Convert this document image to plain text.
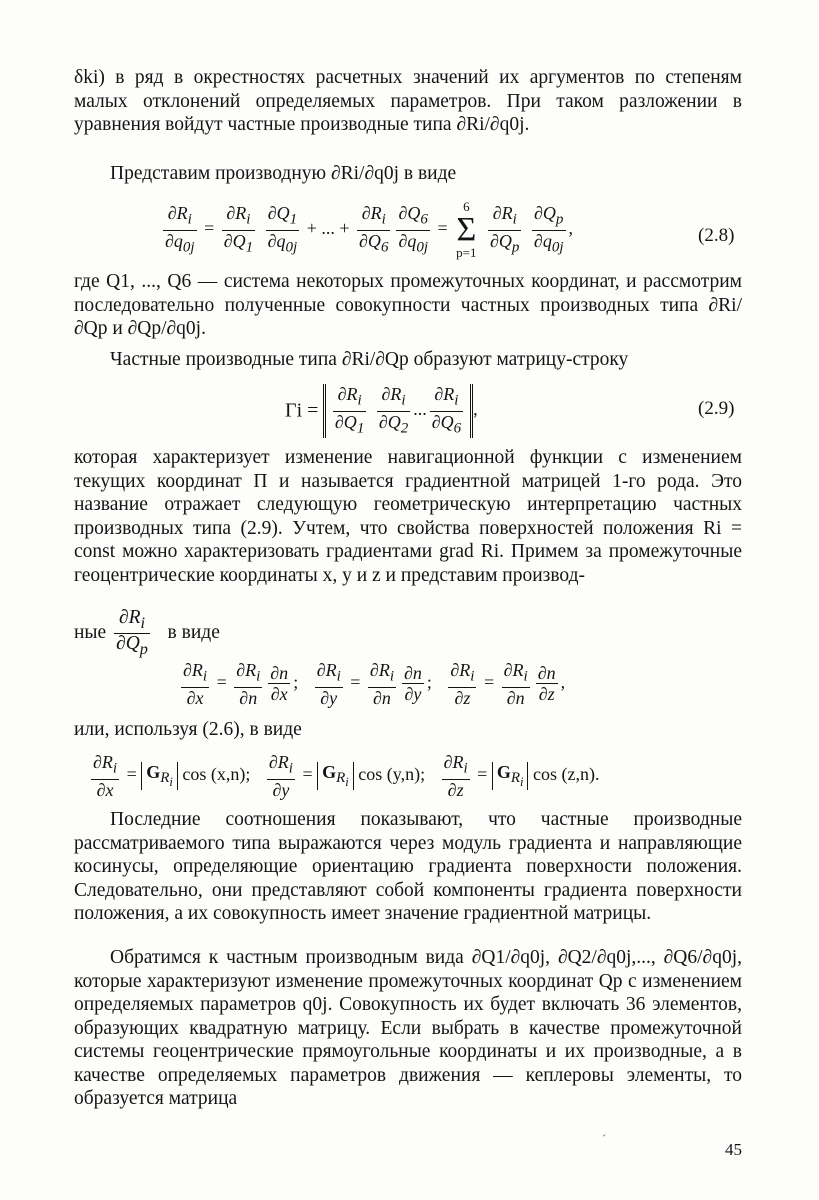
δki) в ряд в окрестностях расчетных значений их аргументов по степеням малых отклонений определяемых параметров. При таком разложении в уравнения войдут частные производные типа ∂Ri/∂q0j.

Представим производную ∂Ri/∂q0j в виде

$\frac{\partial R_i}{\partial q_{0j}} = \frac{\partial R_i}{\partial Q_1}$
$\frac{\partial Q_1}{\partial q_{0j}}$ + ... + $\frac{\partial R_i}{\partial Q_6} \frac{\partial Q_6}{\partial q_{0j}} = 6$
Σ
$p=1 \frac{\partial R_i}{\partial Q_p}$
$\frac{\partial Q_p}{\partial q_{0j}}$ ,	(2.8)

где Q1, ..., Q6 — система некоторых промежуточных координат, и рассмотрим последовательно полученные совокупности частных производных типа ∂Ri/∂Qp и ∂Qp/∂q0j.

Частные производные типа ∂Ri/∂Qp образуют матрицу-строку

$\Gamma i = \frac{\partial R_i}{\partial Q_1}$
$\frac{\partial R_i}{\partial Q_2}$ ... $\frac{\partial R_i}{\partial Q_6}$ ,	(2.9)

которая характеризует изменение навигационной функции с изменением текущих координат П и называется градиентной матрицей 1-го рода. Это название отражает следующую геометрическую интерпретацию частных производных типа (2.9). Учтем, что свойства поверхностей положения Ri = const можно характеризовать градиентами grad Ri. Примем за промежуточные геоцентрические координаты x, y и z и представим производ-

ные $\frac{\partial R_i}{\partial Q_p}$ в виде
$\frac{\partial R_i}{\partial x} = \frac{\partial R_i}{\partial n} \frac{\partial n}{\partial x}$ ; $\frac{\partial R_i}{\partial y} = \frac{\partial R_i}{\partial n} \frac{\partial n}{\partial y}$ ; $\frac{\partial R_i}{\partial z} = \frac{\partial R_i}{\partial n} \frac{\partial n}{\partial z}$ ,

или, используя (2.6), в виде

$\frac{\partial R_i}{\partial x} = G_{R_i}$ cos (x,n); $\frac{\partial R_i}{\partial y} = G_{R_i}$ cos (y,n); $\frac{\partial R_i}{\partial z} = G_{R_i}$ cos (z,n).

Последние соотношения показывают, что частные производные рассматриваемого типа выражаются через модуль градиента и направляющие косинусы, определяющие ориентацию градиента поверхности положения. Следовательно, они представляют собой компоненты градиента поверхности положения, а их совокупность имеет значение градиентной матрицы.

Обратимся к частным производным вида ∂Q1/∂q0j, ∂Q2/∂q0j,..., ∂Q6/∂q0j, которые характеризуют изменение промежуточных координат Qp с изменением определяемых параметров q0j. Совокупность их будет включать 36 элементов, образующих квадратную матрицу. Если выбрать в качестве промежуточной системы геоцентрические прямоугольные координаты и их производные, а в качестве определяемых параметров движения — кеплеровы элементы, то образуется матрица

´
45
